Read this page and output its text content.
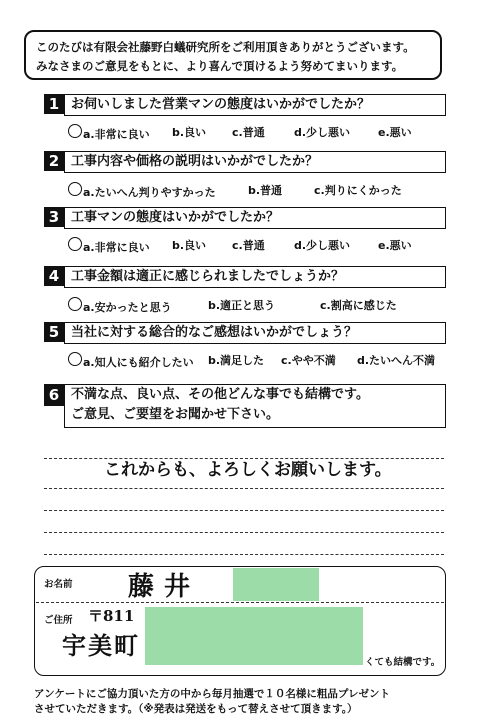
このたびは有限会社藤野白蟻研究所をご利用頂きありがとうございます。
みなさまのご意見をもとに、より喜んで頂けるよう努めてまいります。
1 お伺いしました営業マンの態度はいかがでしたか？
a.非常に良い b.良い c.普通	d.少し悪い	e.悪い
2 工事内容や価格の説明はいかがでしたか？
a.たいへん判りやすかった	b.普通	c.判りにくかった
3 工事マンの態度はいかがでしたか？
a.非常に良い b.良い c.普通	d.少し悪い	e.悪い
4 工事金額は適正に感じられましたでしょうか？
a.安かったと思う	b.適正と思う	c.割高に感じた
5 当社に対する総合的なご感想はいかがでしょう？
a.知人にも紹介したい b.満足した c.やや不満 d.たいへん不満
6 不満な点、良い点、その他どんな事でも結構です。
ご意見、ご要望をお聞かせ下さい。
これからも、よろしくお願いします。
お名前 藤井
ご住所 〒811
宇美町
くても結構です。
アンケートにご協力頂いた方の中から毎月抽選で１０名様に粗品プレゼント
させていただきます。（※発表は発送をもって替えさせて頂きます。）
